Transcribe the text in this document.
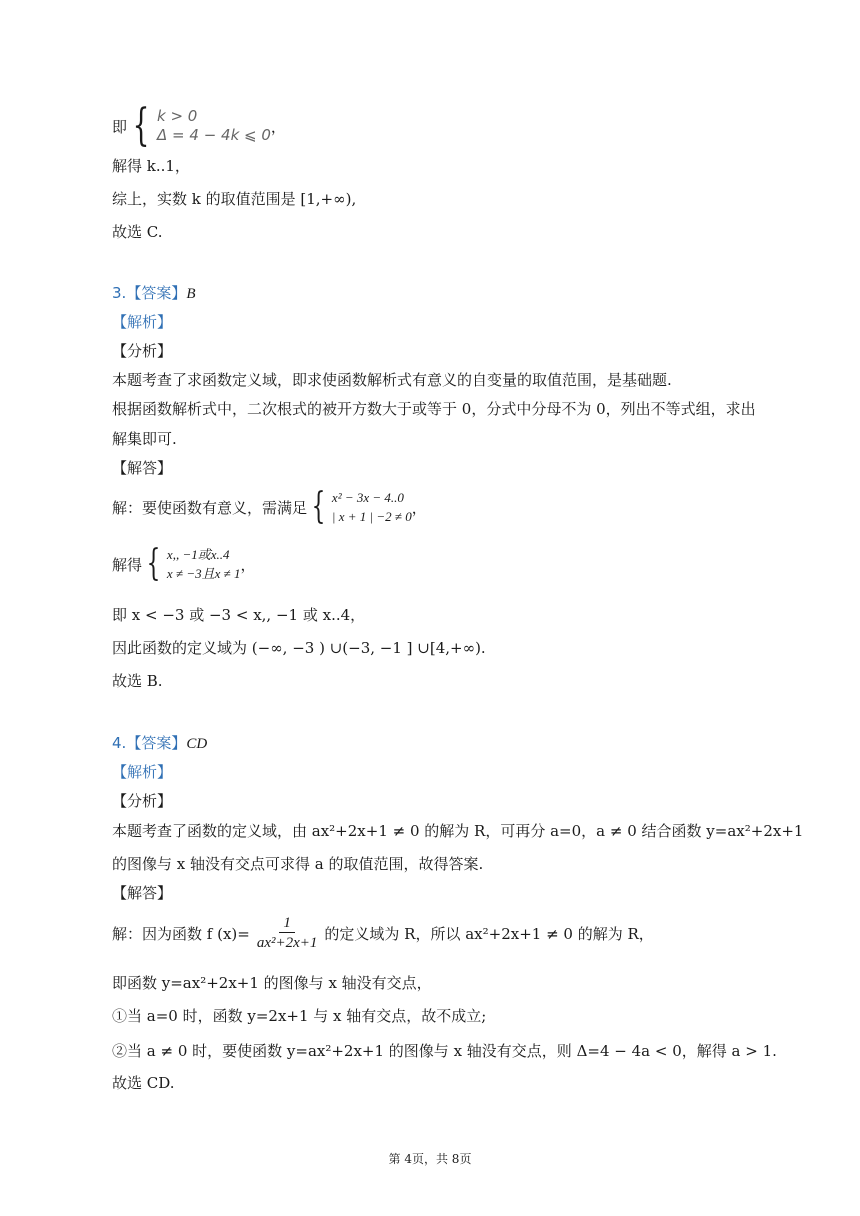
即 { k > 0
Δ = 4 − 4k ⩽ 0 ，
解得 k..1，
综上，实数 k 的取值范围是 [1,+∞),
故选 C.
3.【答案】B
【解析】
【分析】
本题考查了求函数定义域，即求使函数解析式有意义的自变量的取值范围，是基础题.
根据函数解析式中，二次根式的被开方数大于或等于 0，分式中分母不为 0，列出不等式组，求出
解集即可.
【解答】
解：要使函数有意义，需满足 { x² − 3x − 4..0
| x + 1 | −2 ≠ 0 ，
解得 { x,, −1或x..4
x ≠ −3且x ≠ 1 ，
即 x < −3 或 −3 < x,, −1 或 x..4，
因此函数的定义域为 (−∞, −3 ) ∪(−3, −1 ] ∪[4,+∞).
故选 B.
4.【答案】CD
【解析】
【分析】
本题考查了函数的定义域，由 ax²+2x+1 ≠ 0 的解为 R，可再分 a=0，a ≠ 0 结合函数 y=ax²+2x+1
的图像与 x 轴没有交点可求得 a 的取值范围，故得答案.
【解答】
解：因为函数 f $(x)= \frac{1}{\text{ax²+2x+1}}$ 的定义域为 R，所以 ax²+2x+1 ≠ 0 的解为 R，
即函数 y=ax²+2x+1 的图像与 x 轴没有交点，
①当 a=0 时，函数 y=2x+1 与 x 轴有交点，故不成立;
②当 a ≠ 0 时，要使函数 y=ax²+2x+1 的图像与 x 轴没有交点，则 Δ=4 − 4a < 0，解得 a > 1.
故选 CD.
第 4页，共 8页
